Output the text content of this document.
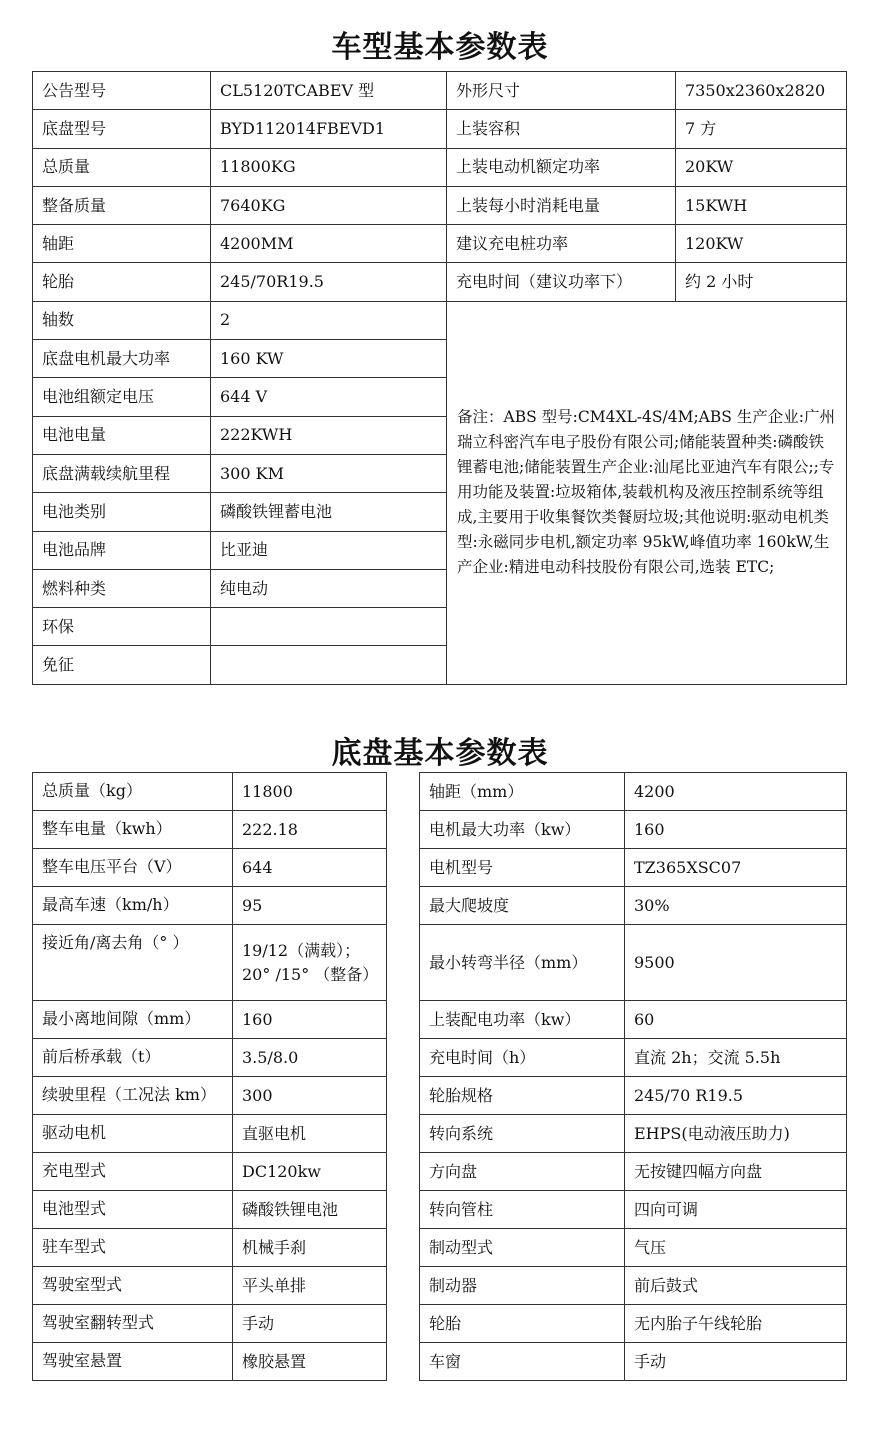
车型基本参数表
公告型号	CL5120TCABEV 型	外形尺寸	7350x2360x2820
底盘型号	BYD112014FBEVD1	上装容积	7 方
总质量	11800KG	上装电动机额定功率	20KW
整备质量	7640KG	上装每小时消耗电量	15KWH
轴距	4200MM	建议充电桩功率	120KW
轮胎	245/70R19.5	充电时间（建议功率下）	约 2 小时
轴数	2	备注：ABS 型号:CM4XL-4S/4M;ABS 生产企业:广州瑞立科密汽车电子股份有限公司;储能装置种类:磷酸铁锂蓄电池;储能装置生产企业:汕尾比亚迪汽车有限公;;专用功能及装置:垃圾箱体,装载机构及液压控制系统等组成,主要用于收集餐饮类餐厨垃圾;其他说明:驱动电机类型:永磁同步电机,额定功率 95kW,峰值功率 160kW,生产企业:精进电动科技股份有限公司,选装 ETC;	
底盘电机最大功率	160 KW		
电池组额定电压	644 V		
电池电量	222KWH		
底盘满载续航里程	300 KM		
电池类别	磷酸铁锂蓄电池		
电池品牌	比亚迪		
燃料种类	纯电动		
环保			
免征			
底盘基本参数表
总质量（kg）	11800		轴距（mm）	4200
整车电量（kwh）	222.18		电机最大功率（kw）	160
整车电压平台（V）	644		电机型号	TZ365XSC07
最高车速（km/h）	95		最大爬坡度	30%
接近角/离去角（° ）	19/12（满载）；20° /15° （整备）		最小转弯半径（mm）	9500
最小离地间隙（mm）	160		上装配电功率（kw）	60
前后桥承载（t）	3.5/8.0		充电时间（h）	直流 2h；交流 5.5h
续驶里程（工况法 km）	300		轮胎规格	245/70 R19.5
驱动电机	直驱电机		转向系统	EHPS(电动液压助力)
充电型式	DC120kw		方向盘	无按键四幅方向盘
电池型式	磷酸铁锂电池		转向管柱	四向可调
驻车型式	机械手刹		制动型式	气压
驾驶室型式	平头单排		制动器	前后鼓式
驾驶室翻转型式	手动		轮胎	无内胎子午线轮胎
驾驶室悬置	橡胶悬置		车窗	手动
